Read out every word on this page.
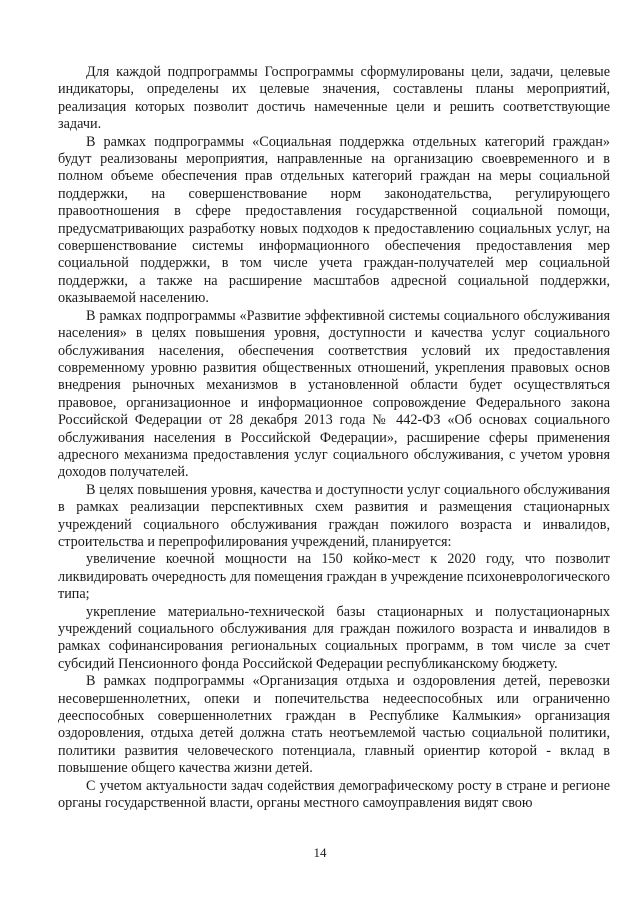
Для каждой подпрограммы Госпрограммы сформулированы цели, задачи, целевые индикаторы, определены их целевые значения, составлены планы мероприятий, реализация которых позволит достичь намеченные цели и решить соответствующие задачи.

В рамках подпрограммы «Социальная поддержка отдельных категорий граждан» будут реализованы мероприятия, направленные на организацию своевременного и в полном объеме обеспечения прав отдельных категорий граждан на меры социальной поддержки, на совершенствование норм законодательства, регулирующего правоотношения в сфере предоставления государственной социальной помощи, предусматривающих разработку новых подходов к предоставлению социальных услуг, на совершенствование системы информационного обеспечения предоставления мер социальной поддержки, в том числе учета граждан-получателей мер социальной поддержки, а также на расширение масштабов адресной социальной поддержки, оказываемой населению.

В рамках подпрограммы «Развитие эффективной системы социального обслуживания населения» в целях повышения уровня, доступности и качества услуг социального обслуживания населения, обеспечения соответствия условий их предоставления современному уровню развития общественных отношений, укрепления правовых основ внедрения рыночных механизмов в установленной области будет осуществляться правовое, организационное и информационное сопровождение Федерального закона Российской Федерации от 28 декабря 2013 года № 442-ФЗ «Об основах социального обслуживания населения в Российской Федерации», расширение сферы применения адресного механизма предоставления услуг социального обслуживания, с учетом уровня доходов получателей.

В целях повышения уровня, качества и доступности услуг социального обслуживания в рамках реализации перспективных схем развития и размещения стационарных учреждений социального обслуживания граждан пожилого возраста и инвалидов, строительства и перепрофилирования учреждений, планируется:

увеличение коечной мощности на 150 койко-мест к 2020 году, что позволит ликвидировать очередность для помещения граждан в учреждение психоневрологического типа;

укрепление материально-технической базы стационарных и полустационарных учреждений социального обслуживания для граждан пожилого возраста и инвалидов в рамках софинансирования региональных социальных программ, в том числе за счет субсидий Пенсионного фонда Российской Федерации республиканскому бюджету.

В рамках подпрограммы «Организация отдыха и оздоровления детей, перевозки несовершеннолетних, опеки и попечительства недееспособных или ограниченно дееспособных совершеннолетних граждан в Республике Калмыкия» организация оздоровления, отдыха детей должна стать неотъемлемой частью социальной политики, политики развития человеческого потенциала, главный ориентир которой - вклад в повышение общего качества жизни детей.

С учетом актуальности задач содействия демографическому росту в стране и регионе органы государственной власти, органы местного самоуправления видят свою

14
